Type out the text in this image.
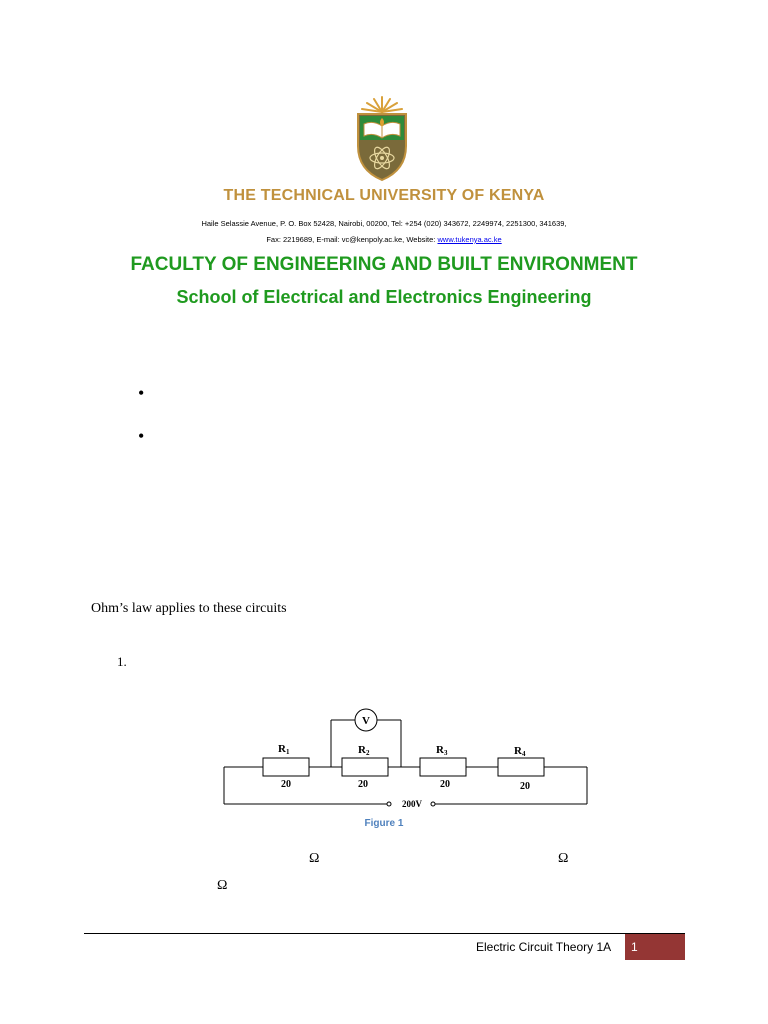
THE TECHNICAL UNIVERSITY OF KENYA
Haile Selassie Avenue, P. O. Box 52428, Nairobi, 00200, Tel: +254 (020) 343672, 2249974, 2251300, 341639,
Fax: 2219689, E-mail: vc@kenpoly.ac.ke, Website: www.tukenya.ac.ke
FACULTY OF ENGINEERING AND BUILT ENVIRONMENT
School of Electrical and Electronics Engineering
•
•
Ohm’s law applies to these circuits
1.
V
R1	R2	R3	R4
20	20	20	20
200V
Figure 1
Ω	Ω
Ω
Electric Circuit Theory 1A	1
